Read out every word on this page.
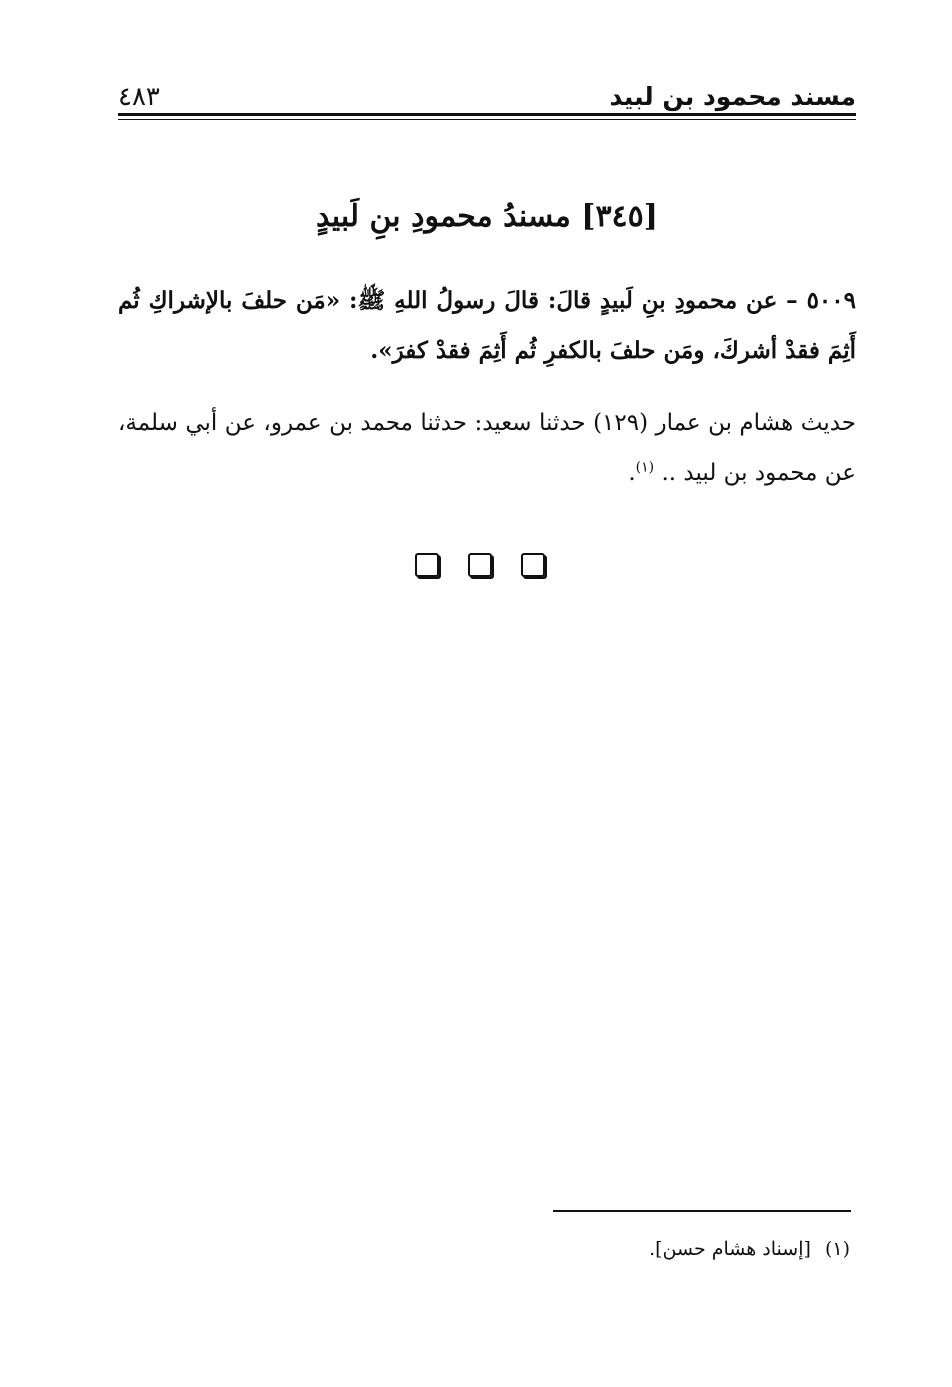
مسند محمود بن لبيد
٤٨٣
[٣٤٥] مسندُ محمودِ بنِ لَبيدٍ

٥٠٠٩ – عن محمودِ بنِ لَبيدٍ قالَ: قالَ رسولُ اللهِ ﷺ: «مَن حلفَ بالإشراكِ ثُم أَثِمَ فقدْ أشركَ، ومَن حلفَ بالكفرِ ثُم أَثِمَ فقدْ كفرَ».

حديث هشام بن عمار (١٢٩) حدثنا سعيد: حدثنا محمد بن عمرو، عن أبي سلمة، عن محمود بن لبيد .. $^{(١)}$.

(١) [إسناد هشام حسن].
